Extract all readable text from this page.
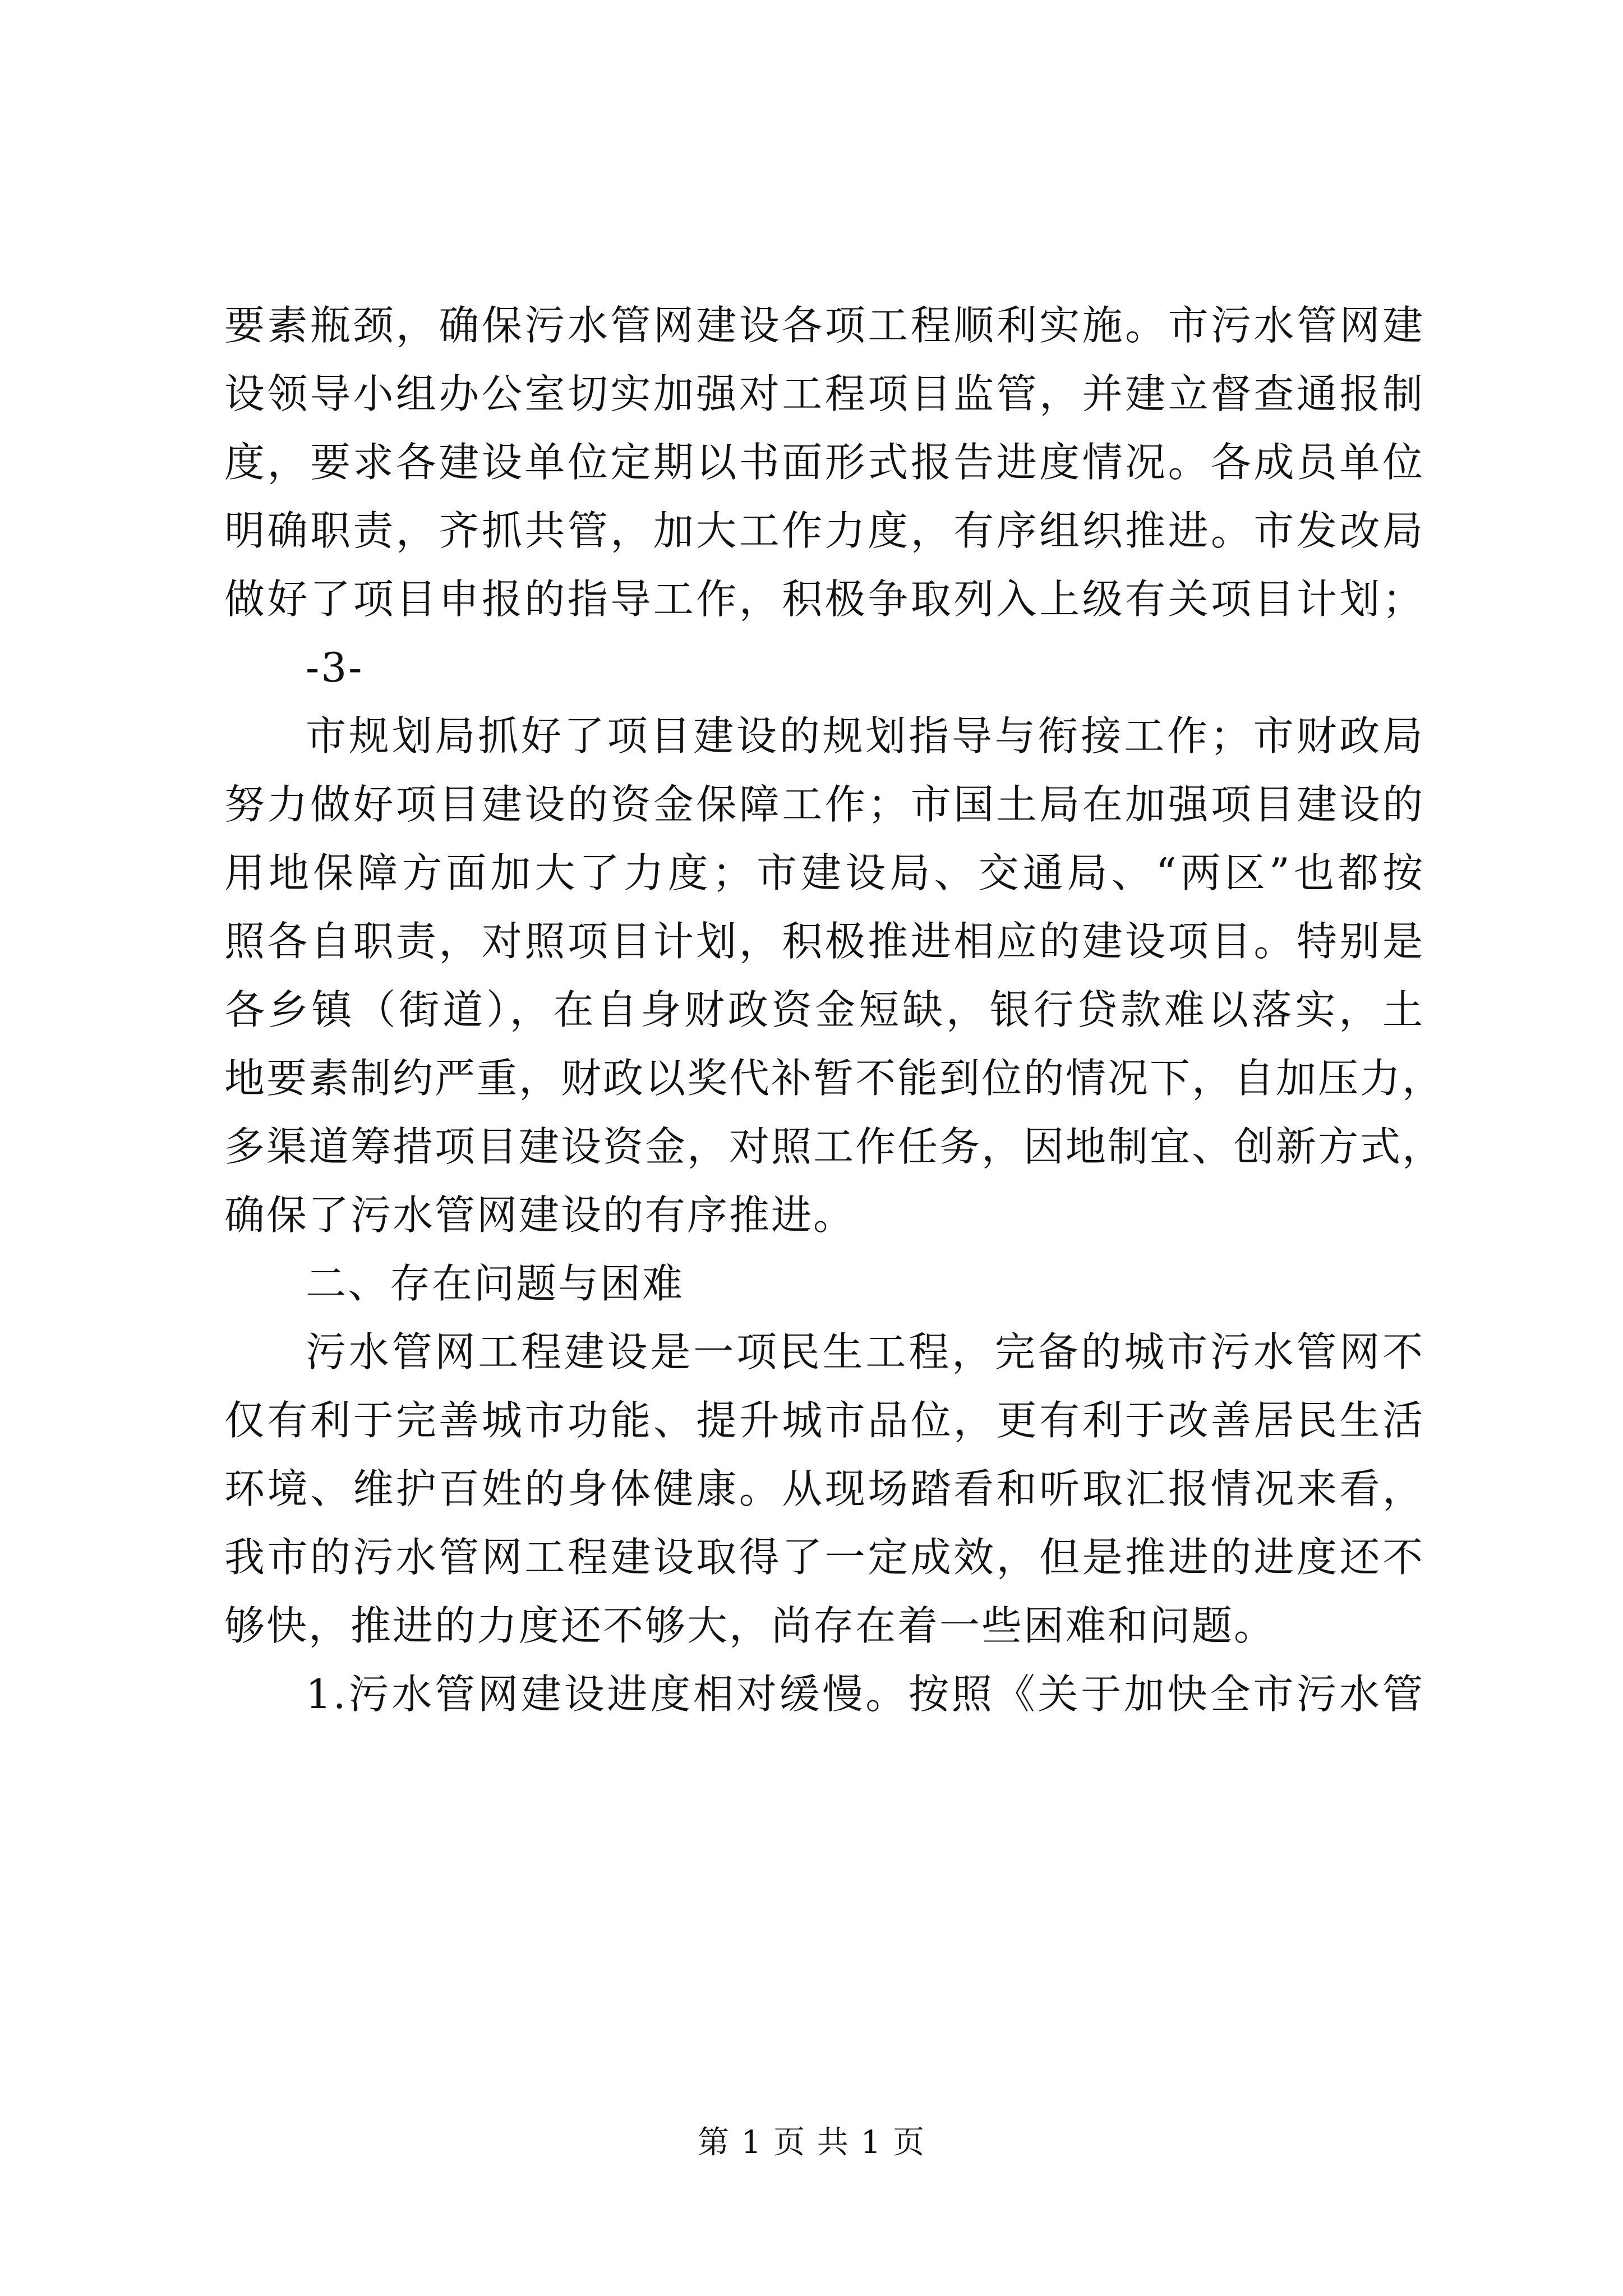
要素瓶颈，确保污水管网建设各项工程顺利实施。市污水管网建
设领导小组办公室切实加强对工程项目监管，并建立督查通报制
度，要求各建设单位定期以书面形式报告进度情况。各成员单位
明确职责，齐抓共管，加大工作力度，有序组织推进。市发改局
做好了项目申报的指导工作，积极争取列入上级有关项目计划；
-3-
市规划局抓好了项目建设的规划指导与衔接工作；市财政局
努力做好项目建设的资金保障工作；市国土局在加强项目建设的
用地保障方面加大了力度；市建设局、交通局、“两区”也都按
照各自职责，对照项目计划，积极推进相应的建设项目。特别是
各乡镇（街道），在自身财政资金短缺，银行贷款难以落实，土
地要素制约严重，财政以奖代补暂不能到位的情况下，自加压力，
多渠道筹措项目建设资金，对照工作任务，因地制宜、创新方式，
确保了污水管网建设的有序推进。
二、存在问题与困难
污水管网工程建设是一项民生工程，完备的城市污水管网不
仅有利于完善城市功能、提升城市品位，更有利于改善居民生活
环境、维护百姓的身体健康。从现场踏看和听取汇报情况来看，
我市的污水管网工程建设取得了一定成效，但是推进的进度还不
够快，推进的力度还不够大，尚存在着一些困难和问题。
1.污水管网建设进度相对缓慢。按照《关于加快全市污水管
第 1 页 共 1 页
